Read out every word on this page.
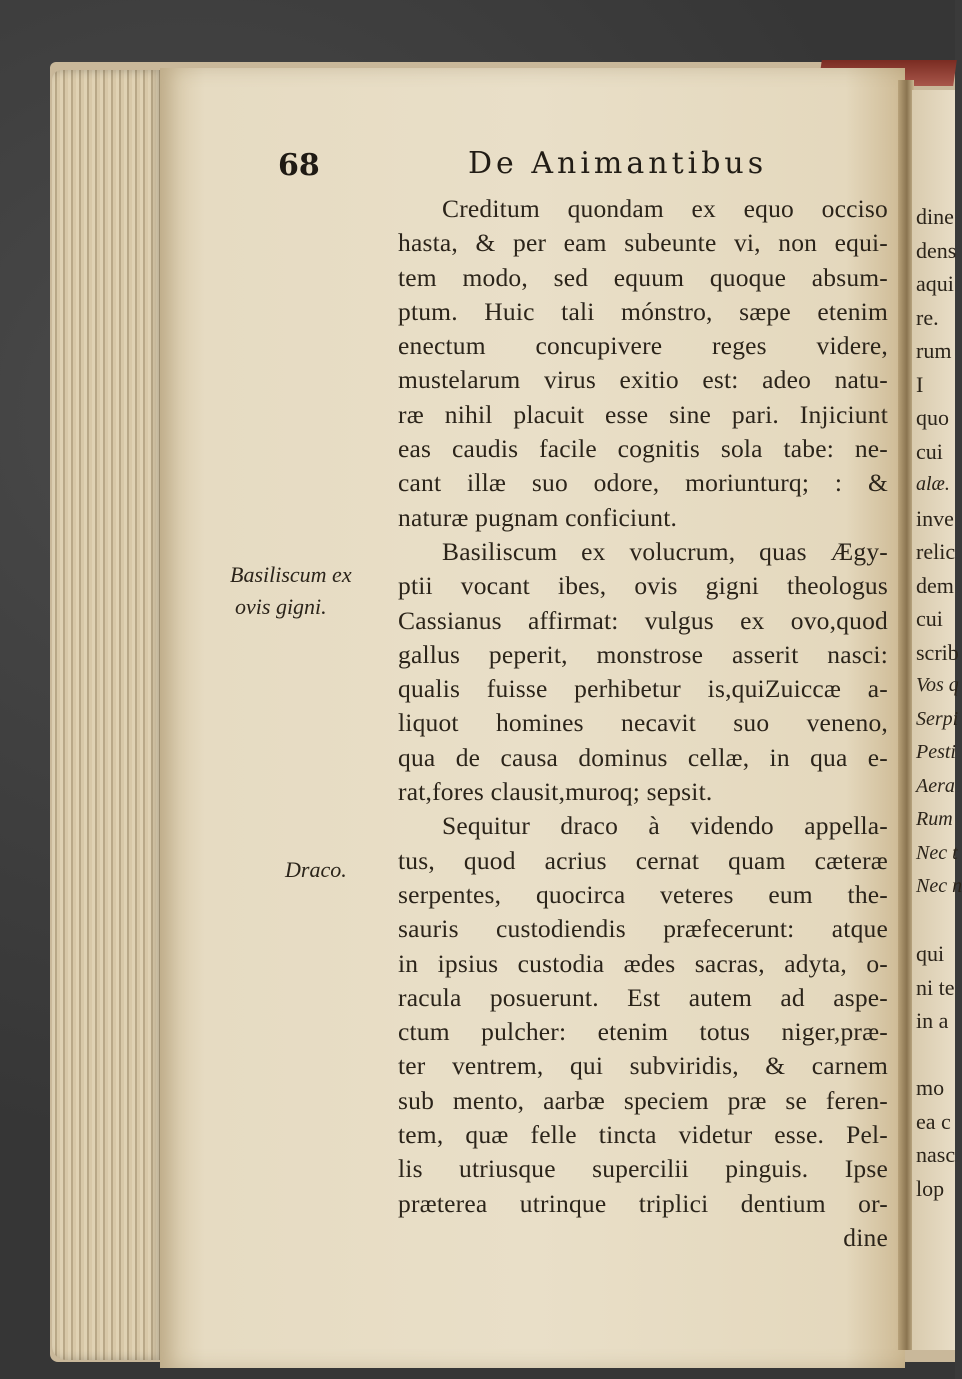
68	De Animantibus
Basiliscum ex
ovis gigni.
Draco.
Creditum quondam ex equo occiso
hasta, & per eam subeunte vi, non equi-
tem modo, sed equum quoque absum-
ptum. Huic tali mónstro, sæpe etenim
enectum concupivere reges videre,
mustelarum virus exitio est: adeo natu-
ræ nihil placuit esse sine pari. Injiciunt
eas caudis facile cognitis sola tabe: ne-
cant illæ suo odore, moriunturq; : &
naturæ pugnam conficiunt.
Basiliscum ex volucrum, quas Ægy-
ptii vocant ibes, ovis gigni theologus
Cassianus affirmat: vulgus ex ovo,quod
gallus peperit, monstrose asserit nasci:
qualis fuisse perhibetur is,quiZuiccæ a-
liquot homines necavit suo veneno,
qua de causa dominus cellæ, in qua e-
rat,fores clausit,muroq; sepsit.
Sequitur draco à videndo appella-
tus, quod acrius cernat quam cæteræ
serpentes, quocirca veteres eum the-
sauris custodiendis præfecerunt: atque
in ipsius custodia ædes sacras, adyta, o-
racula posuerunt. Est autem ad aspe-
ctum pulcher: etenim totus niger,præ-
ter ventrem, qui subviridis, & carnem
sub mento, aarbæ speciem præ se feren-
tem, quæ felle tincta videtur esse. Pel-
lis utriusque supercilii pinguis. Ipse
præterea utrinque triplici dentium or-
dine
dine
dens
aqui
re.
rum
I
quo
cui
alæ.
inve
relic
dem
cui
scrib
Vos q
Serpi
Pesti
Aera
Rum
Nec t
Nec n
qui
ni te
in a
mo
ea c
nasc
lop
